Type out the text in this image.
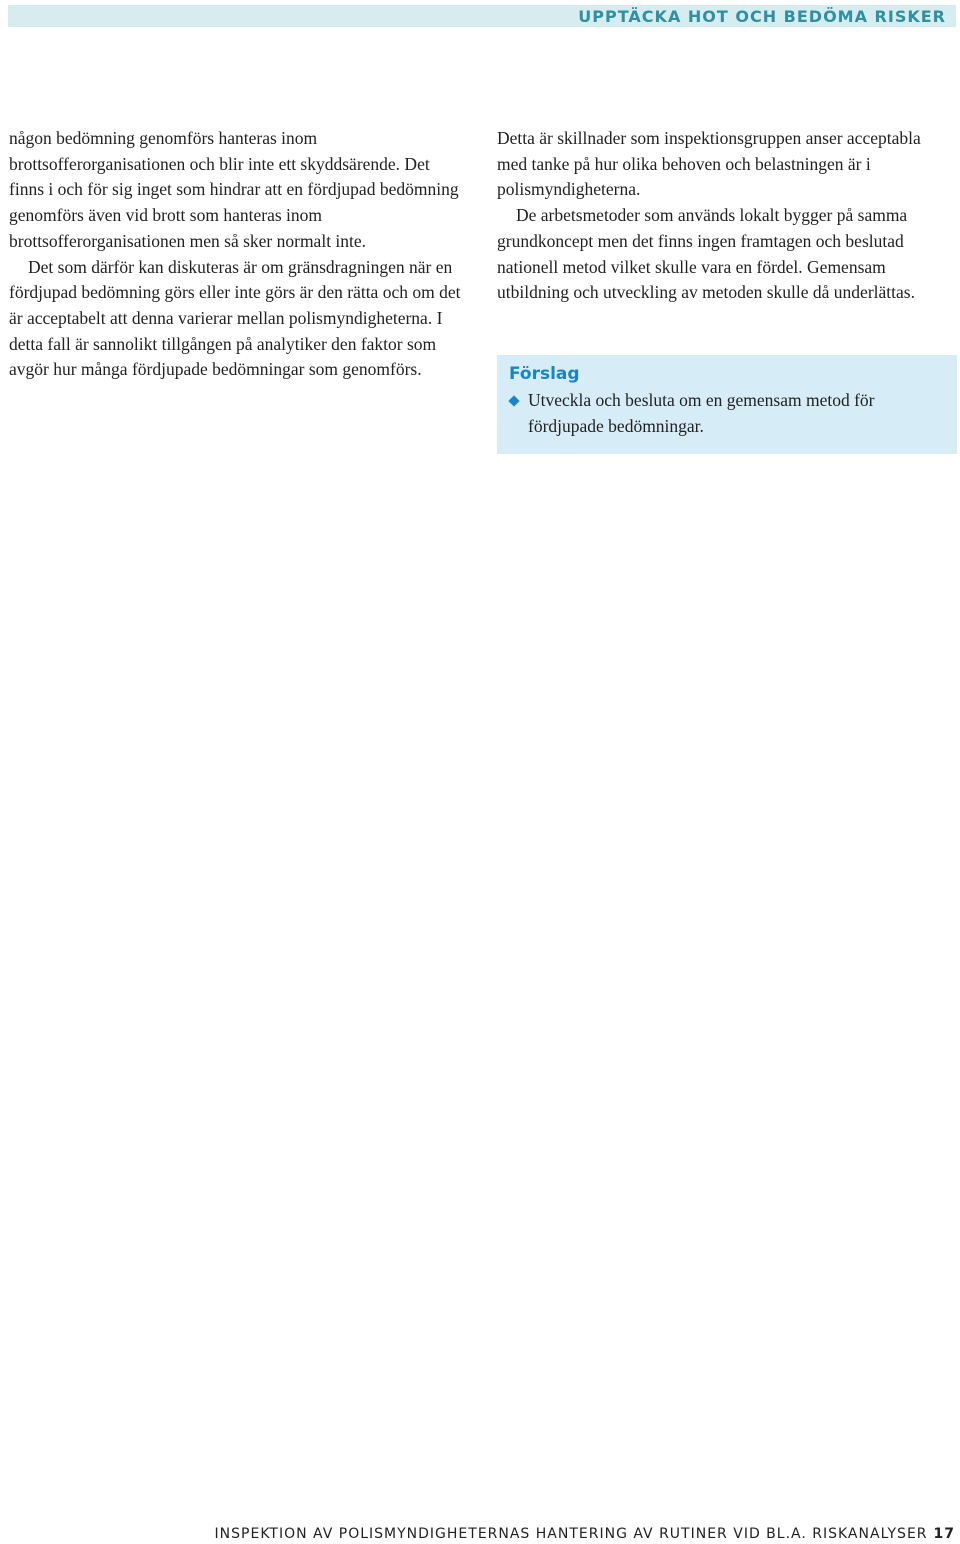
UPPTÄCKA HOT OCH BEDÖMA RISKER

någon bedömning genomförs hanteras inom brottsofferorganisationen och blir inte ett skyddsärende. Det finns i och för sig inget som hindrar att en fördjupad bedömning genomförs även vid brott som hanteras inom brottsofferorganisationen men så sker normalt inte.

Det som därför kan diskuteras är om gränsdragningen när en fördjupad bedömning görs eller inte görs är den rätta och om det är acceptabelt att denna varierar mellan polismyndigheterna. I detta fall är sannolikt tillgången på analytiker den faktor som avgör hur många fördjupade bedömningar som genomförs.

Detta är skillnader som inspektionsgruppen anser acceptabla med tanke på hur olika behoven och belastningen är i polismyndigheterna.

De arbetsmetoder som används lokalt bygger på samma grundkoncept men det finns ingen framtagen och beslutad nationell metod vilket skulle vara en fördel. Gemensam utbildning och utveckling av metoden skulle då underlättas.

Förslag
Utveckla och besluta om en gemensam metod för fördjupade bedömningar.
INSPEKTION AV POLISMYNDIGHETERNAS HANTERING AV RUTINER VID BL.A. RISKANALYSER 17
